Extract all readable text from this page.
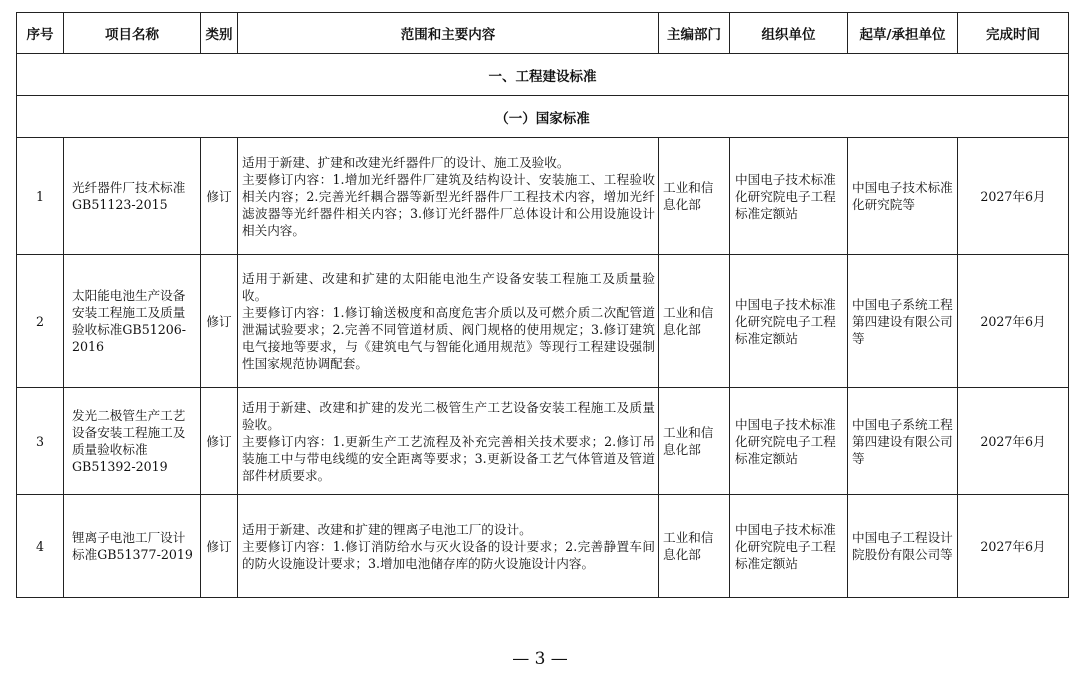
序号	项目名称	类别	范围和主要内容	主编部门	组织单位	起草/承担单位	完成时间
一、工程建设标准							
（一）国家标准							
1	光纤器件厂技术标准GB51123-2015	修订	适用于新建、扩建和改建光纤器件厂的设计、施工及验收。
主要修订内容：1.增加光纤器件厂建筑及结构设计、安装施工、工程验收相关内容；2.完善光纤耦合器等新型光纤器件厂工程技术内容，增加光纤滤波器等光纤器件相关内容；3.修订光纤器件厂总体设计和公用设施设计相关内容。	工业和信息化部	中国电子技术标准化研究院电子工程标准定额站	中国电子技术标准化研究院等	2027年6月
2	太阳能电池生产设备安装工程施工及质量验收标准GB51206-2016	修订	适用于新建、改建和扩建的太阳能电池生产设备安装工程施工及质量验收。
主要修订内容：1.修订输送极度和高度危害介质以及可燃介质二次配管道泄漏试验要求；2.完善不同管道材质、阀门规格的使用规定；3.修订建筑电气接地等要求，与《建筑电气与智能化通用规范》等现行工程建设强制性国家规范协调配套。	工业和信息化部	中国电子技术标准化研究院电子工程标准定额站	中国电子系统工程第四建设有限公司等	2027年6月
3	发光二极管生产工艺设备安装工程施工及质量验收标准GB51392-2019	修订	适用于新建、改建和扩建的发光二极管生产工艺设备安装工程施工及质量验收。
主要修订内容：1.更新生产工艺流程及补充完善相关技术要求；2.修订吊装施工中与带电线缆的安全距离等要求；3.更新设备工艺气体管道及管道部件材质要求。	工业和信息化部	中国电子技术标准化研究院电子工程标准定额站	中国电子系统工程第四建设有限公司等	2027年6月
4	锂离子电池工厂设计标准GB51377-2019	修订	适用于新建、改建和扩建的锂离子电池工厂的设计。
主要修订内容：1.修订消防给水与灭火设备的设计要求；2.完善静置车间的防火设施设计要求；3.增加电池储存库的防火设施设计内容。	工业和信息化部	中国电子技术标准化研究院电子工程标准定额站	中国电子工程设计院股份有限公司等	2027年6月
— 3 —
